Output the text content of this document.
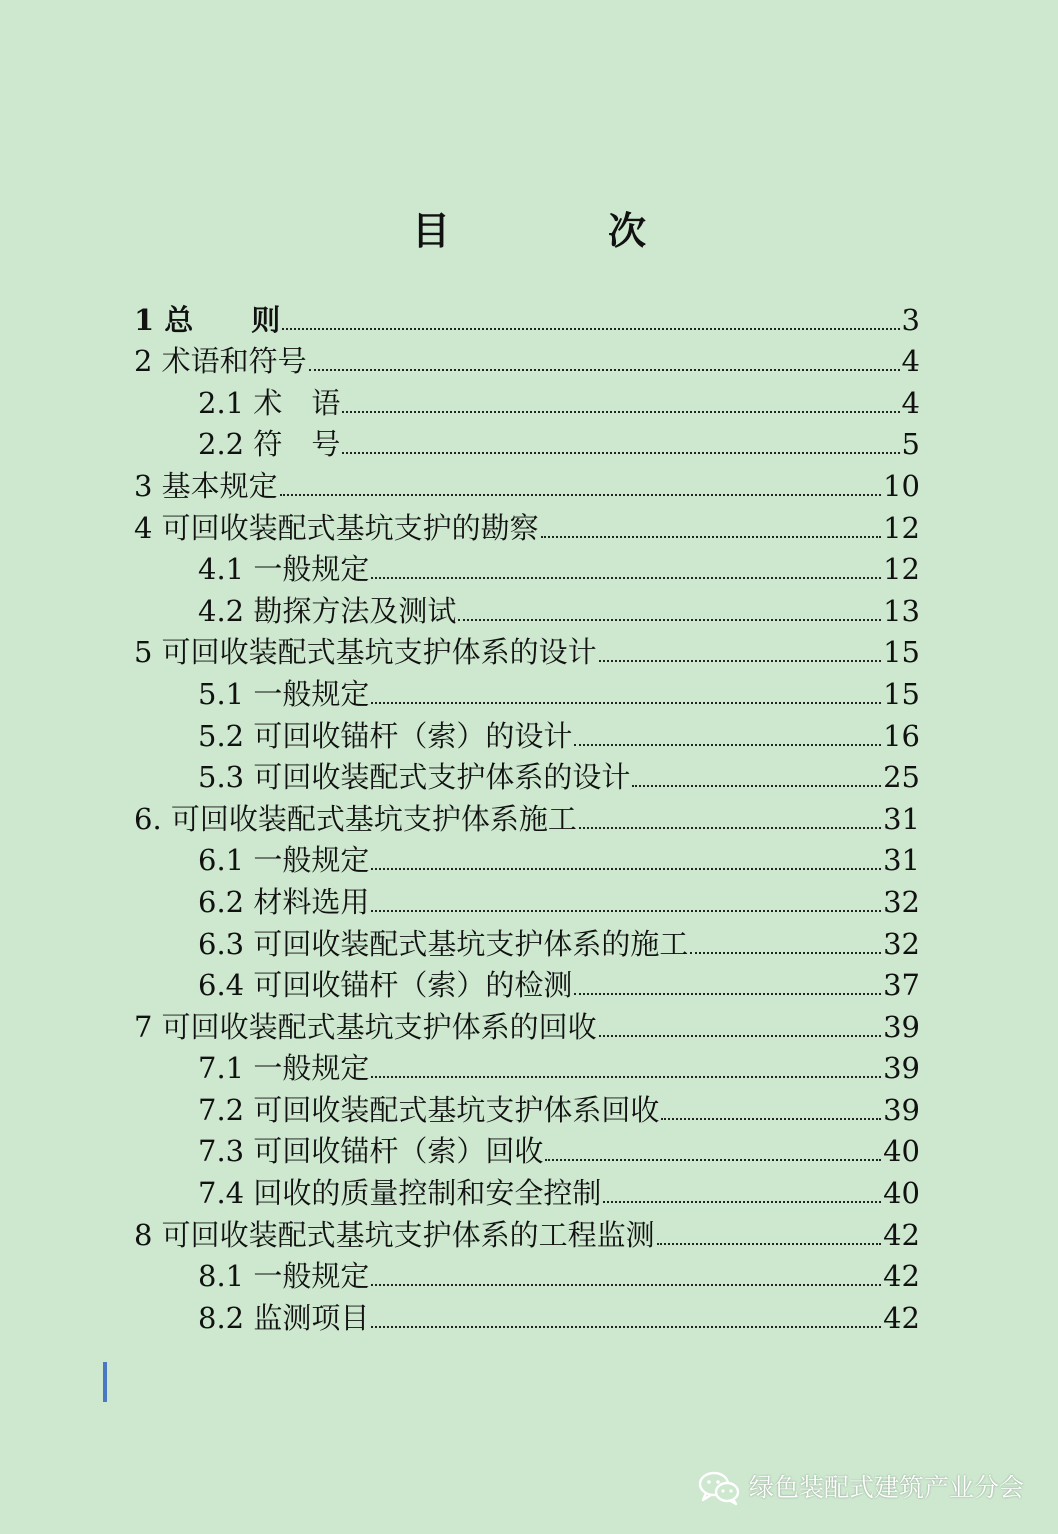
目　次
1 总　　则	3
2 术语和符号	4
2.1 术　语	4
2.2 符　号	5
3 基本规定	10
4 可回收装配式基坑支护的勘察	12
4.1 一般规定	12
4.2 勘探方法及测试	13
5 可回收装配式基坑支护体系的设计	15
5.1 一般规定	15
5.2 可回收锚杆（索）的设计	16
5.3 可回收装配式支护体系的设计	25
6. 可回收装配式基坑支护体系施工	31
6.1 一般规定	31
6.2 材料选用	32
6.3 可回收装配式基坑支护体系的施工	32
6.4 可回收锚杆（索）的检测	37
7 可回收装配式基坑支护体系的回收	39
7.1 一般规定	39
7.2 可回收装配式基坑支护体系回收	39
7.3 可回收锚杆（索）回收	40
7.4 回收的质量控制和安全控制	40
8 可回收装配式基坑支护体系的工程监测	42
8.1 一般规定	42
8.2 监测项目	42
绿色装配式建筑产业分会
